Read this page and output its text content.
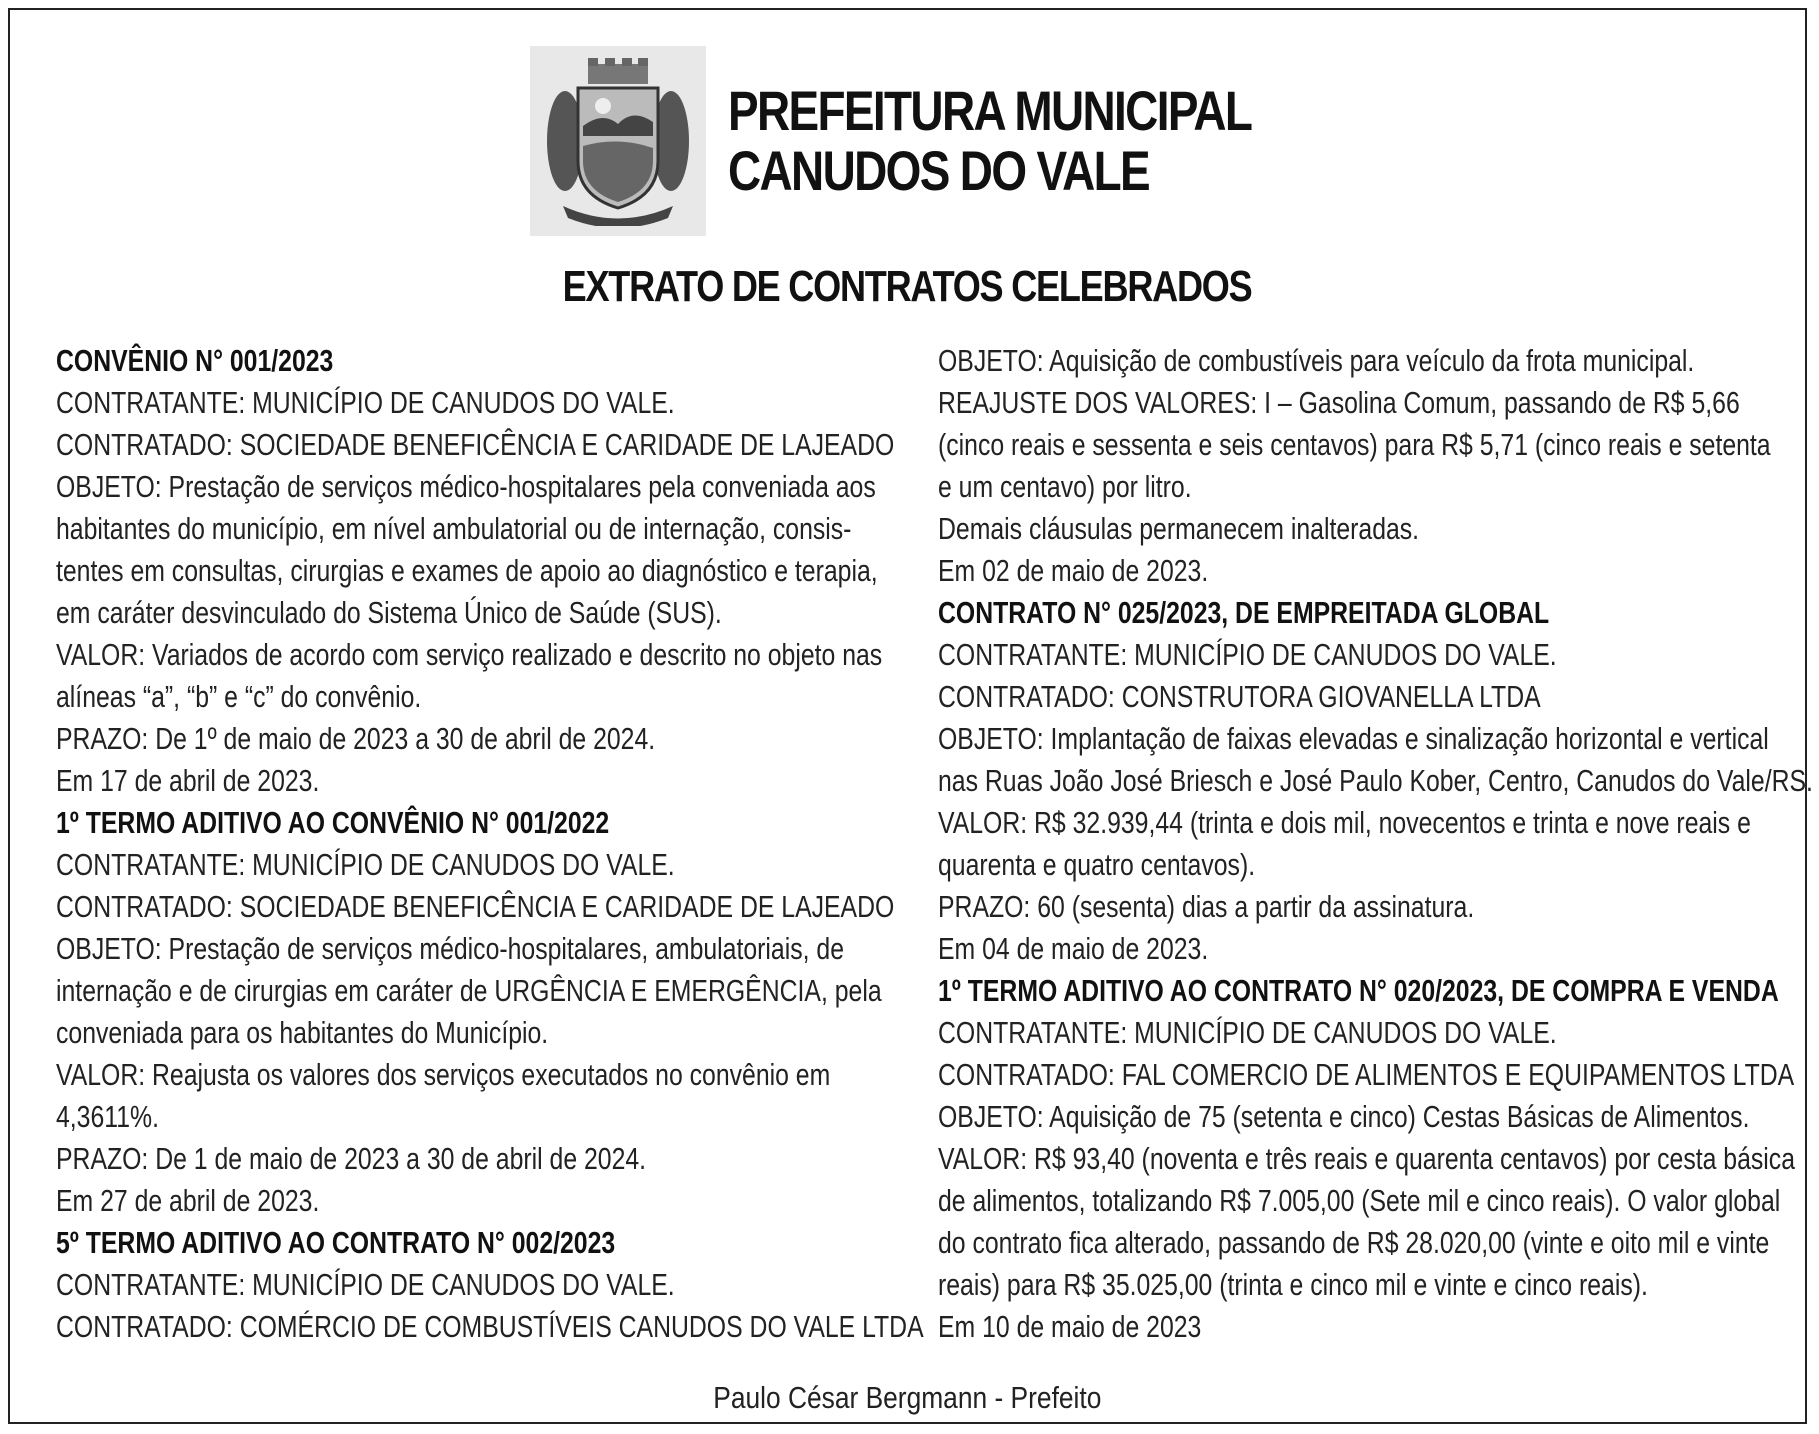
PREFEITURA MUNICIPAL
CANUDOS DO VALE
EXTRATO DE CONTRATOS CELEBRADOS
CONVÊNIO N° 001/2023
CONTRATANTE: MUNICÍPIO DE CANUDOS DO VALE.
CONTRATADO: SOCIEDADE BENEFICÊNCIA E CARIDADE DE LAJEADO
OBJETO: Prestação de serviços médico-hospitalares pela conveniada aos
habitantes do município, em nível ambulatorial ou de internação, consis-
tentes em consultas, cirurgias e exames de apoio ao diagnóstico e terapia,
em caráter desvinculado do Sistema Único de Saúde (SUS).
VALOR: Variados de acordo com serviço realizado e descrito no objeto nas
alíneas “a”, “b” e “c” do convênio.
PRAZO: De 1º de maio de 2023 a 30 de abril de 2024.
Em 17 de abril de 2023.
1º TERMO ADITIVO AO CONVÊNIO N° 001/2022
CONTRATANTE: MUNICÍPIO DE CANUDOS DO VALE.
CONTRATADO: SOCIEDADE BENEFICÊNCIA E CARIDADE DE LAJEADO
OBJETO: Prestação de serviços médico-hospitalares, ambulatoriais, de
internação e de cirurgias em caráter de URGÊNCIA E EMERGÊNCIA, pela
conveniada para os habitantes do Município.
VALOR: Reajusta os valores dos serviços executados no convênio em
4,3611%.
PRAZO: De 1 de maio de 2023 a 30 de abril de 2024.
Em 27 de abril de 2023.
5º TERMO ADITIVO AO CONTRATO N° 002/2023
CONTRATANTE: MUNICÍPIO DE CANUDOS DO VALE.
CONTRATADO: COMÉRCIO DE COMBUSTÍVEIS CANUDOS DO VALE LTDA
OBJETO: Aquisição de combustíveis para veículo da frota municipal.
REAJUSTE DOS VALORES: I – Gasolina Comum, passando de R$ 5,66
(cinco reais e sessenta e seis centavos) para R$ 5,71 (cinco reais e setenta
e um centavo) por litro.
Demais cláusulas permanecem inalteradas.
Em 02 de maio de 2023.
CONTRATO N° 025/2023, DE EMPREITADA GLOBAL
CONTRATANTE: MUNICÍPIO DE CANUDOS DO VALE.
CONTRATADO: CONSTRUTORA GIOVANELLA LTDA
OBJETO: Implantação de faixas elevadas e sinalização horizontal e vertical
nas Ruas João José Briesch e José Paulo Kober, Centro, Canudos do Vale/RS.
VALOR: R$ 32.939,44 (trinta e dois mil, novecentos e trinta e nove reais e
quarenta e quatro centavos).
PRAZO: 60 (sesenta) dias a partir da assinatura.
Em 04 de maio de 2023.
1º TERMO ADITIVO AO CONTRATO N° 020/2023, DE COMPRA E VENDA
CONTRATANTE: MUNICÍPIO DE CANUDOS DO VALE.
CONTRATADO: FAL COMERCIO DE ALIMENTOS E EQUIPAMENTOS LTDA
OBJETO: Aquisição de 75 (setenta e cinco) Cestas Básicas de Alimentos.
VALOR: R$ 93,40 (noventa e três reais e quarenta centavos) por cesta básica
de alimentos, totalizando R$ 7.005,00 (Sete mil e cinco reais). O valor global
do contrato fica alterado, passando de R$ 28.020,00 (vinte e oito mil e vinte
reais) para R$ 35.025,00 (trinta e cinco mil e vinte e cinco reais).
Em 10 de maio de 2023
Paulo César Bergmann - Prefeito
